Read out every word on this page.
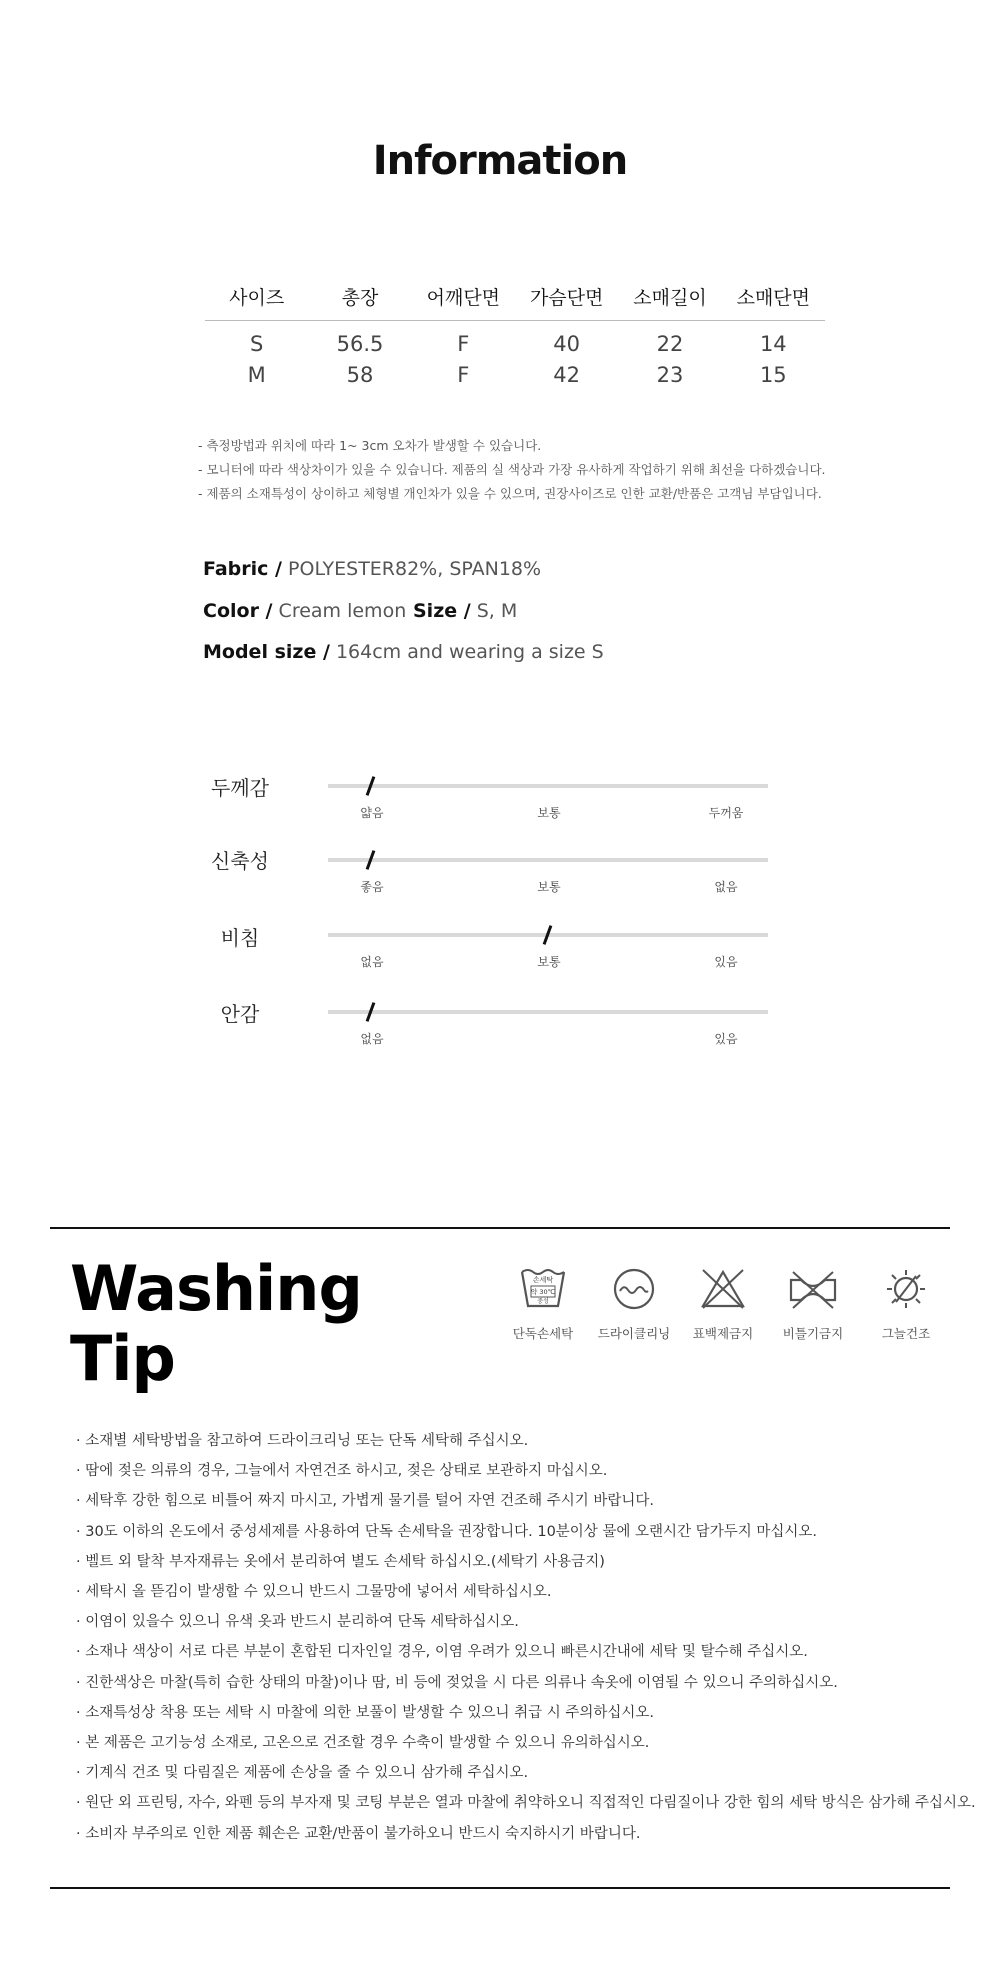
Information
사이즈	총장	어깨단면	가슴단면	소매길이	소매단면
S	56.5	F	40	22	14
M	58	F	42	23	15
- 측정방법과 위치에 따라 1~ 3cm 오차가 발생할 수 있습니다.
- 모니터에 따라 색상차이가 있을 수 있습니다. 제품의 실 색상과 가장 유사하게 작업하기 위해 최선을 다하겠습니다.
- 제품의 소재특성이 상이하고 체형별 개인차가 있을 수 있으며, 권장사이즈로 인한 교환/반품은 고객님 부담입니다.
Fabric / POLYESTER82%, SPAN18%
Color / Cream lemon Size / S, M
Model size / 164cm and wearing a size S
두께감
얇음	보통	두꺼움
신축성
좋음	보통	없음
비침
없음	보통	있음
안감
없음	있음
Washing
Tip
손세탁
약 30℃
중성
단독손세탁	드라이클리닝	표백제금지	비틀기금지	그늘건조
· 소재별 세탁방법을 참고하여 드라이크리닝 또는 단독 세탁해 주십시오.
· 땀에 젖은 의류의 경우, 그늘에서 자연건조 하시고, 젖은 상태로 보관하지 마십시오.
· 세탁후 강한 힘으로 비틀어 짜지 마시고, 가볍게 물기를 털어 자연 건조해 주시기 바랍니다.
· 30도 이하의 온도에서 중성세제를 사용하여 단독 손세탁을 권장합니다. 10분이상 물에 오랜시간 담가두지 마십시오.
· 벨트 외 탈착 부자재류는 옷에서 분리하여 별도 손세탁 하십시오.(세탁기 사용금지)
· 세탁시 올 뜯김이 발생할 수 있으니 반드시 그물망에 넣어서 세탁하십시오.
· 이염이 있을수 있으니 유색 옷과 반드시 분리하여 단독 세탁하십시오.
· 소재나 색상이 서로 다른 부분이 혼합된 디자인일 경우, 이염 우려가 있으니 빠른시간내에 세탁 및 탈수해 주십시오.
· 진한색상은 마찰(특히 습한 상태의 마찰)이나 땀, 비 등에 젖었을 시 다른 의류나 속옷에 이염될 수 있으니 주의하십시오.
· 소재특성상 착용 또는 세탁 시 마찰에 의한 보풀이 발생할 수 있으니 취급 시 주의하십시오.
· 본 제품은 고기능성 소재로, 고온으로 건조할 경우 수축이 발생할 수 있으니 유의하십시오.
· 기계식 건조 및 다림질은 제품에 손상을 줄 수 있으니 삼가해 주십시오.
· 원단 외 프린팅, 자수, 와펜 등의 부자재 및 코팅 부분은 열과 마찰에 취약하오니 직접적인 다림질이나 강한 힘의 세탁 방식은 삼가해 주십시오.
· 소비자 부주의로 인한 제품 훼손은 교환/반품이 불가하오니 반드시 숙지하시기 바랍니다.
